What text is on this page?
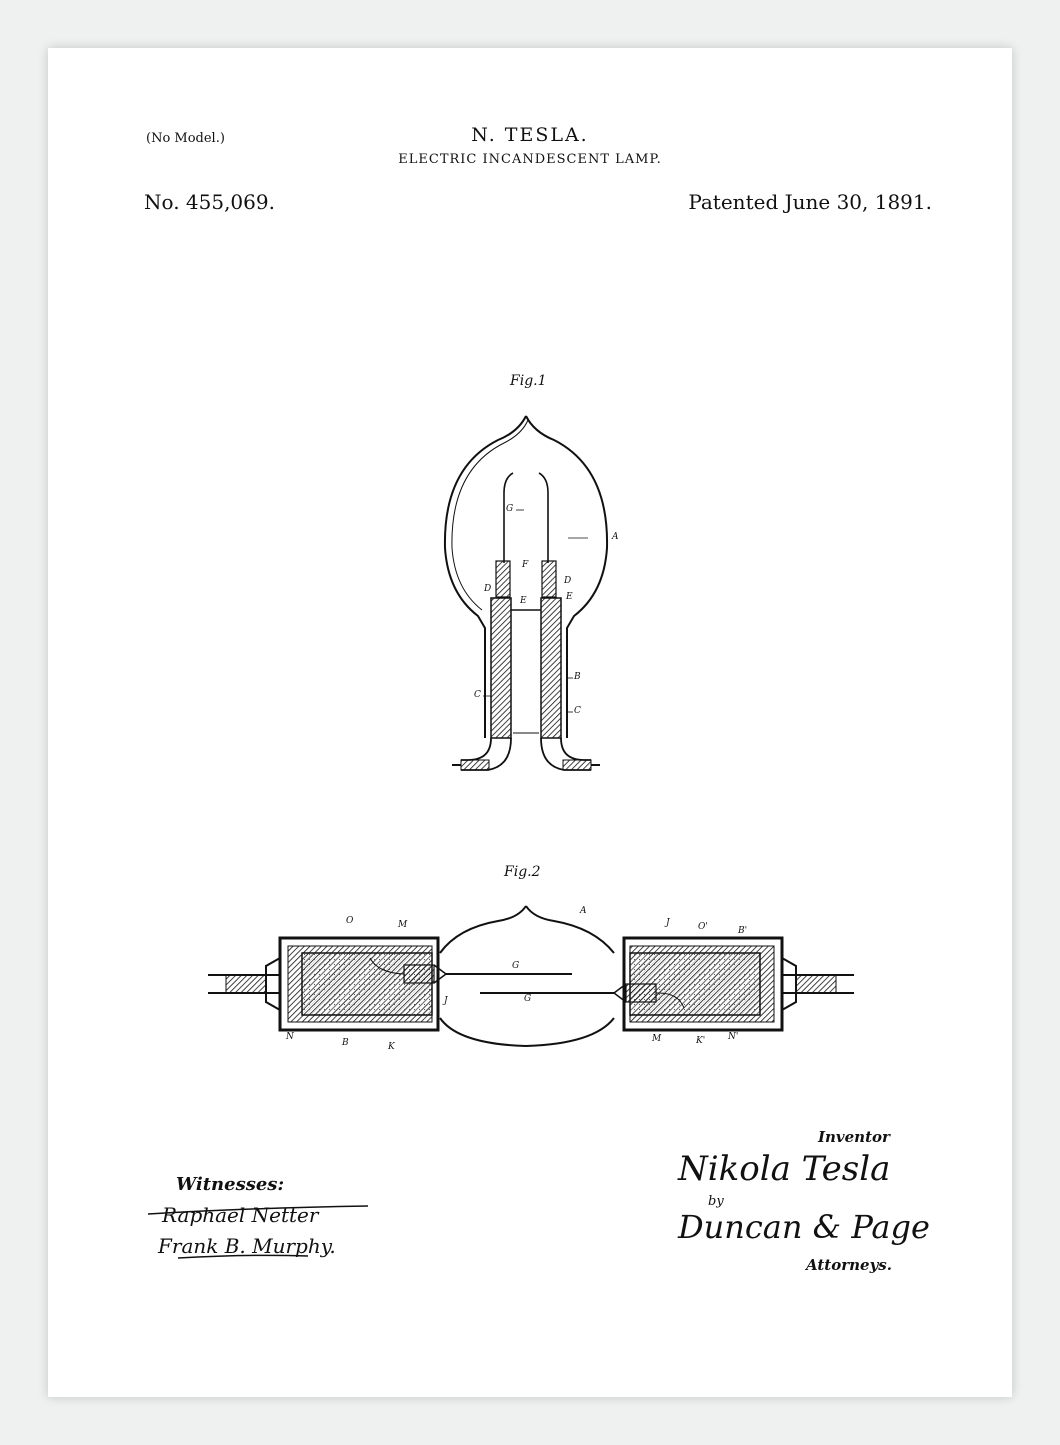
(No Model.)	N. TESLA.
ELECTRIC INCANDESCENT LAMP.
No. 455,069.	Patented June 30, 1891.
Fig.1
Fig.2
G
A
F
D
D
E	E
B
C
C
O	M
A
J	O'	B'
G
G
J
N
B	K
M	K'	N'
Witnesses:
Raphael Netter
Frank B. Murphy.
Inventor
Nikola Tesla
by
Duncan & Page
Attorneys.
